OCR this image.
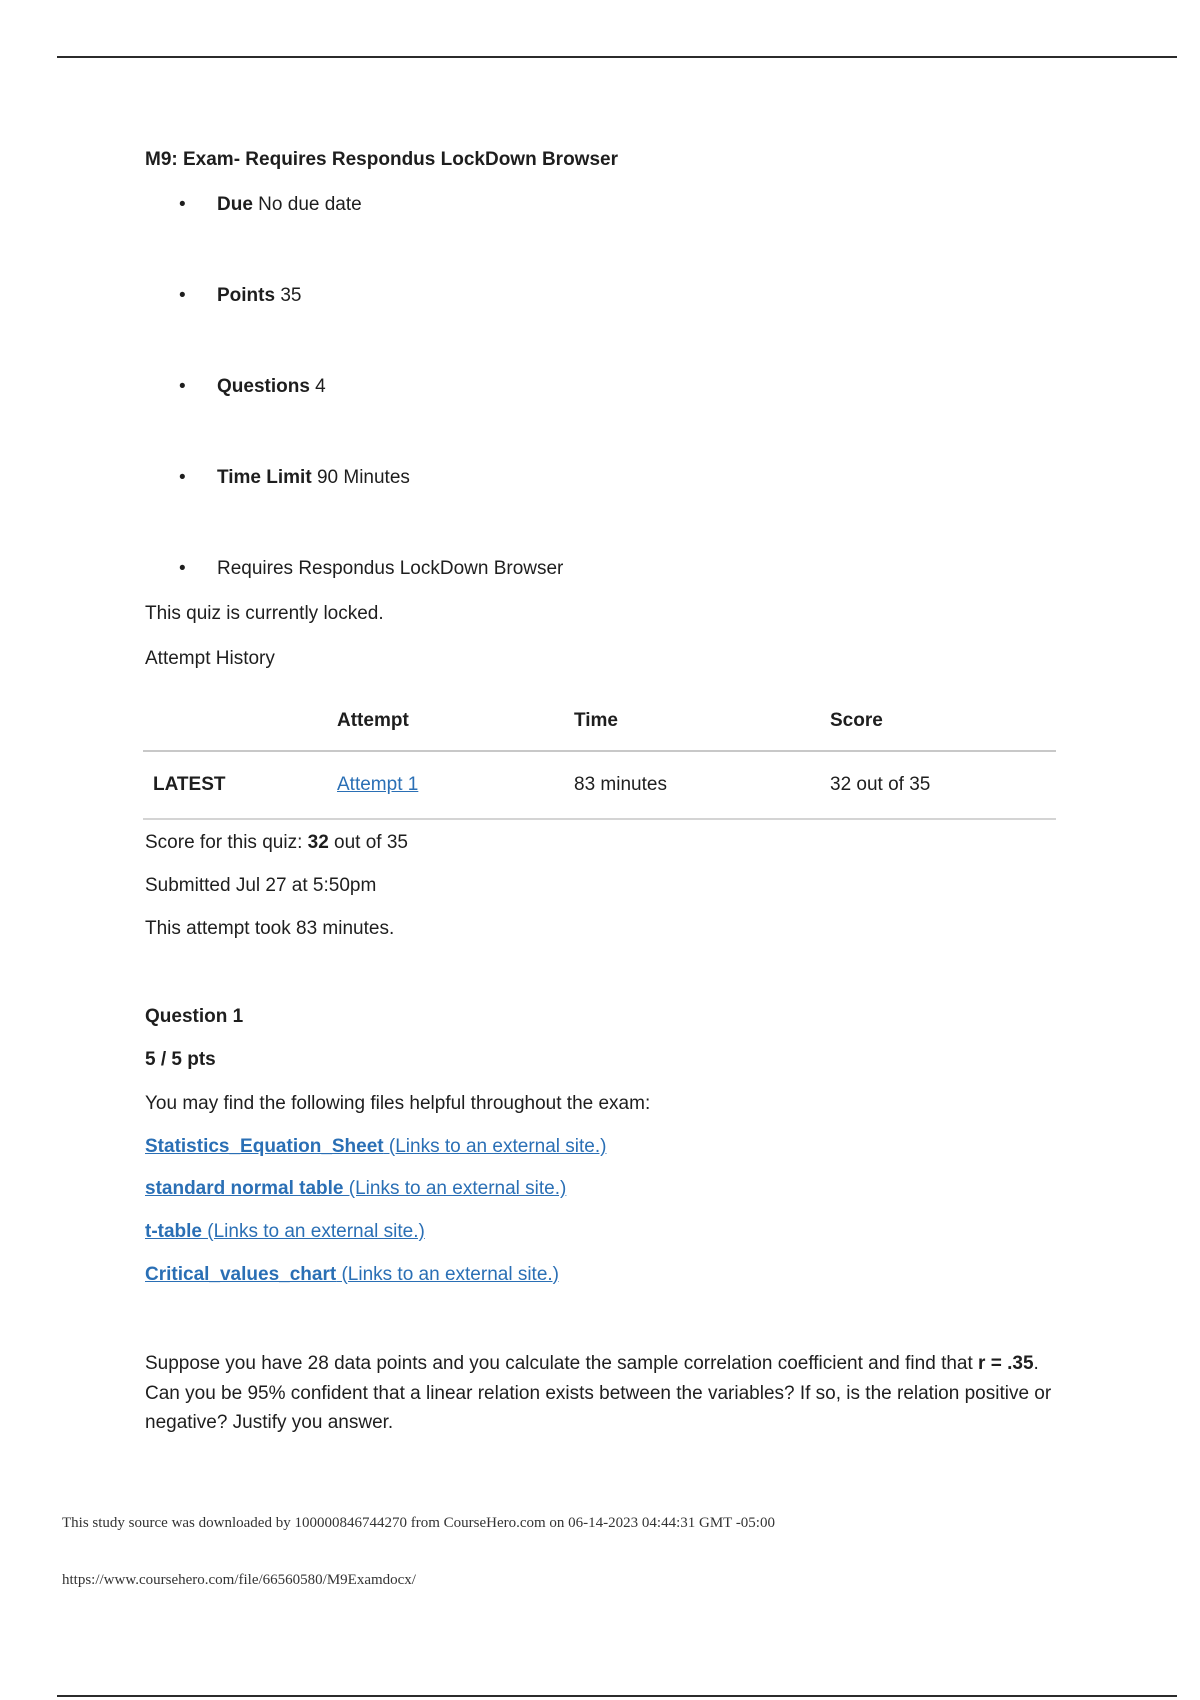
M9: Exam- Requires Respondus LockDown Browser
• Due No due date
• Points 35
• Questions 4
• Time Limit 90 Minutes
• Requires Respondus LockDown Browser

This quiz is currently locked.

Attempt History

	Attempt	Time	Score
LATEST	Attempt 1	83 minutes	32 out of 35

Score for this quiz: 32 out of 35

Submitted Jul 27 at 5:50pm

This attempt took 83 minutes.

Question 1

5 / 5 pts

You may find the following files helpful throughout the exam:

Statistics_Equation_Sheet (Links to an external site.)

standard normal table (Links to an external site.)

t-table (Links to an external site.)

Critical_values_chart (Links to an external site.)

Suppose you have 28 data points and you calculate the sample correlation coefficient and find that r = .35. Can you be 95% confident that a linear relation exists between the variables? If so, is the relation positive or negative? Justify you answer.

This study source was downloaded by 100000846744270 from CourseHero.com on 06-14-2023 04:44:31 GMT -05:00
https://www.coursehero.com/file/66560580/M9Examdocx/
